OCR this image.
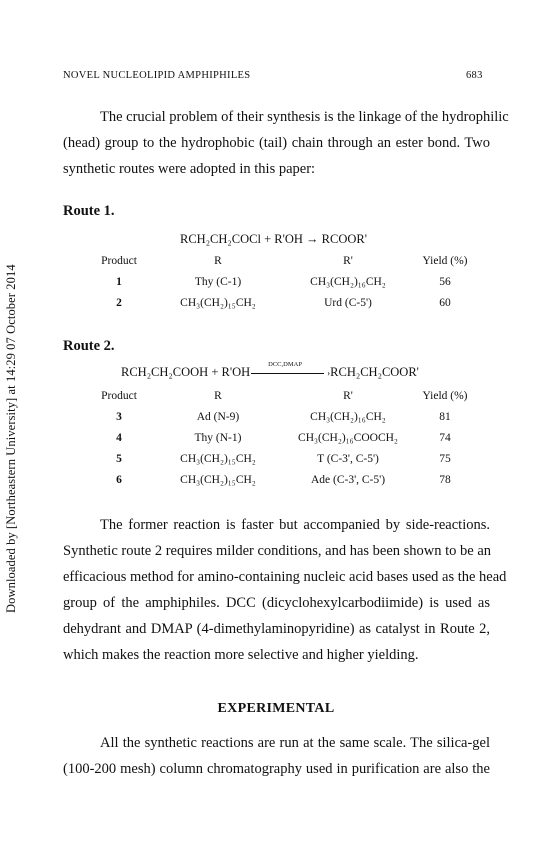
Downloaded by [Northeastern University] at 14:29 07 October 2014
NOVEL NUCLEOLIPID AMPHIPHILES	683
The crucial problem of their synthesis is the linkage of the hydrophilic
(head) group to the hydrophobic (tail) chain through an ester bond. Two
synthetic routes were adopted in this paper:
Route 1.
RCH₂CH₂COCl + R'OH → RCOOR'
Product	R	R'	Yield (%)
1	Thy (C-1)	CH₃(CH₂)₁₆CH₂	56
2	CH₃(CH₂)₁₅CH₂	Urd (C-5')	60
Route 2.
RCH₂CH₂COOH + R'OH
DCC,DMAP
› RCH₂CH₂COOR'
Product	R	R'	Yield (%)
3	Ad (N-9)	CH₃(CH₂)₁₆CH₂	81
4	Thy (N-1)	CH₃(CH₂)₁₆COOCH₂	74
5	CH₃(CH₂)₁₅CH₂	T (C-3', C-5')	75
6	CH₃(CH₂)₁₅CH₂	Ade (C-3', C-5')	78
The former reaction is faster but accompanied by side-reactions.
Synthetic route 2 requires milder conditions, and has been shown to be an
efficacious method for amino-containing nucleic acid bases used as the head
group of the amphiphiles. DCC (dicyclohexylcarbodiimide) is used as
dehydrant and DMAP (4-dimethylaminopyridine) as catalyst in Route 2,
which makes the reaction more selective and higher yielding.
EXPERIMENTAL
All the synthetic reactions are run at the same scale. The silica-gel
(100-200 mesh) column chromatography used in purification are also the
